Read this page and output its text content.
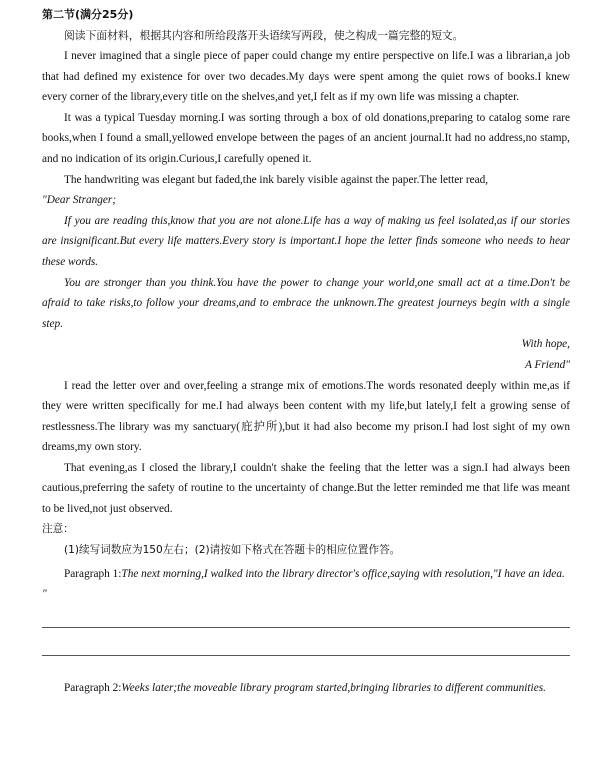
第二节(满分25分)

阅读下面材料，根据其内容和所给段落开头语续写两段，使之构成一篇完整的短文。

I never imagined that a single piece of paper could change my entire perspective on life.I was a librarian,a job that had defined my existence for over two decades.My days were spent among the quiet rows of books.I knew every corner of the library,every title on the shelves,and yet,I felt as if my own life was missing a chapter.

It was a typical Tuesday morning.I was sorting through a box of old donations,preparing to catalog some rare books,when I found a small,yellowed envelope between the pages of an ancient journal.It had no address,no stamp, and no indication of its origin.Curious,I carefully opened it.

The handwriting was elegant but faded,the ink barely visible against the paper.The letter read,

"Dear Stranger;

If you are reading this,know that you are not alone.Life has a way of making us feel isolated,as if our stories are insignificant.But every life matters.Every story is important.I hope the letter finds someone who needs to hear these words.

You are stronger than you think.You have the power to change your world,one small act at a time.Don't be afraid to take risks,to follow your dreams,and to embrace the unknown.The greatest journeys begin with a single step.

With hope,

A Friend"

I read the letter over and over,feeling a strange mix of emotions.The words resonated deeply within me,as if they were written specifically for me.I had always been content with my life,but lately,I felt a growing sense of restlessness.The library was my sanctuary(庇护所),but it had also become my prison.I had lost sight of my own dreams,my own story.

That evening,as I closed the library,I couldn't shake the feeling that the letter was a sign.I had always been cautious,preferring the safety of routine to the uncertainty of change.But the letter reminded me that life was meant to be lived,not just observed.

注意：

(1)续写词数应为150左右；(2)请按如下格式在答题卡的相应位置作答。

Paragraph 1:The next morning,I walked into the library director's office,saying with resolution,"I have an idea. "

Paragraph 2:Weeks later;the moveable library program started,bringing libraries to different communities.
